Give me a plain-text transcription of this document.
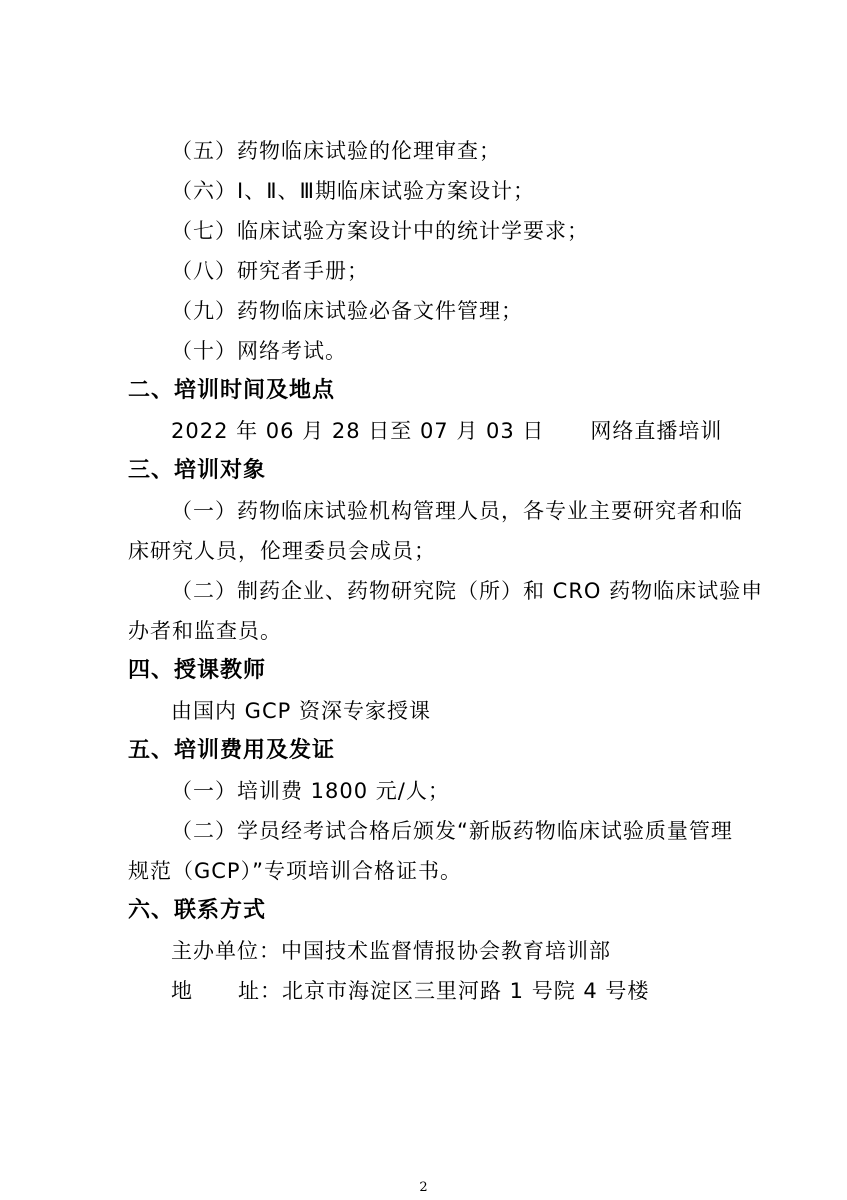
（五）药物临床试验的伦理审查；
（六）Ⅰ、Ⅱ、Ⅲ期临床试验方案设计；
（七）临床试验方案设计中的统计学要求；
（八）研究者手册；
（九）药物临床试验必备文件管理；
（十）网络考试。
二、培训时间及地点
2022 年 06 月 28 日至 07 月 03 日 网络直播培训
三、培训对象
（一）药物临床试验机构管理人员，各专业主要研究者和临
床研究人员，伦理委员会成员；
（二）制药企业、药物研究院（所）和 CRO 药物临床试验申
办者和监查员。
四、授课教师
由国内 GCP 资深专家授课
五、培训费用及发证
（一）培训费 1800 元/人；
（二）学员经考试合格后颁发“新版药物临床试验质量管理
规范（GCP）”专项培训合格证书。
六、联系方式
主办单位：中国技术监督情报协会教育培训部
地 址：北京市海淀区三里河路 1 号院 4 号楼
2
